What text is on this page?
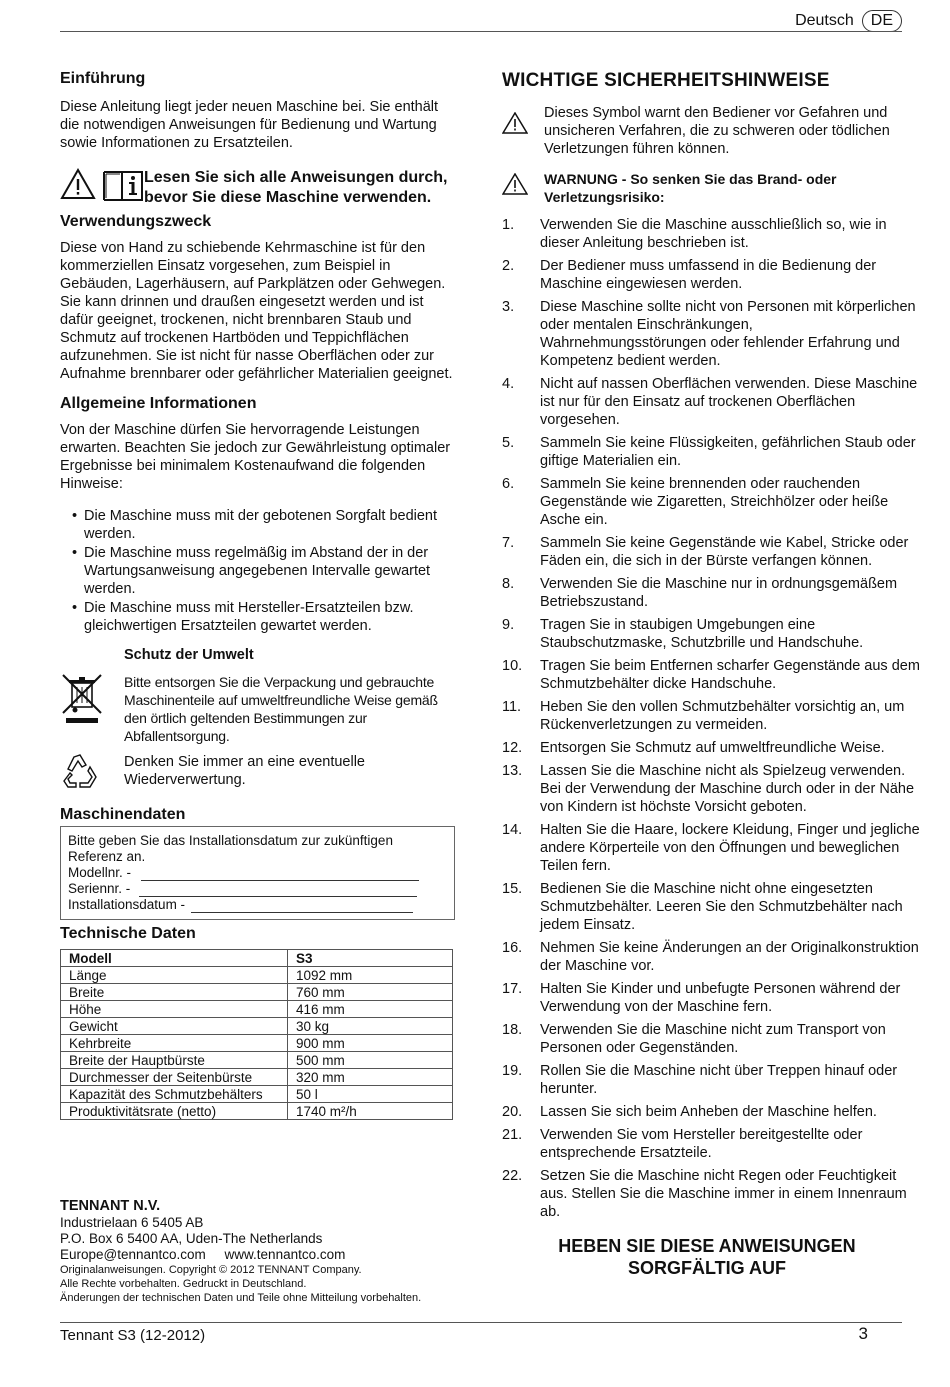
Deutsch	DE
Einführung

Diese Anleitung liegt jeder neuen Maschine bei. Sie enthält die notwendigen Anweisungen für Bedienung und Wartung sowie Informationen zu Ersatzteilen.

Lesen Sie sich alle Anweisungen durch, bevor Sie diese Maschine verwenden.
Verwendungszweck

Diese von Hand zu schiebende Kehrmaschine ist für den kommerziellen Einsatz vorgesehen, zum Beispiel in Gebäuden, Lagerhäusern, auf Parkplätzen oder Gehwegen. Sie kann drinnen und draußen eingesetzt werden und ist dafür geeignet, trockenen, nicht brennbaren Staub und Schmutz auf trockenen Hartböden und Teppichflächen aufzunehmen. Sie ist nicht für nasse Oberflächen oder zur Aufnahme brennbarer oder gefährlicher Materialien geeignet.

Allgemeine Informationen

Von der Maschine dürfen Sie hervorragende Leistungen erwarten. Beachten Sie jedoch zur Gewährleistung optimaler Ergebnisse bei minimalem Kostenaufwand die folgenden Hinweise:

• Die Maschine muss mit der gebotenen Sorgfalt bedient werden.
• Die Maschine muss regelmäßig im Abstand der in der Wartungsanweisung angegebenen Intervalle gewartet werden.
• Die Maschine muss mit Hersteller-Ersatzteilen bzw. gleichwertigen Ersatzteilen gewartet werden.
Schutz der Umwelt

Bitte entsorgen Sie die Verpackung und gebrauchte Maschinenteile auf umweltfreundliche Weise gemäß den örtlich geltenden Bestimmungen zur Abfallentsorgung.

Denken Sie immer an eine eventuelle Wiederverwertung.

Maschinendaten
Bitte geben Sie das Installationsdatum zur zukünftigen Referenz an.
Modellnr. -
Seriennr. -
Installationsdatum -
Technische Daten
Modell	S3
Länge	1092 mm
Breite	760 mm
Höhe	416 mm
Gewicht	30 kg
Kehrbreite	900 mm
Breite der Hauptbürste	500 mm
Durchmesser der Seitenbürste	320 mm
Kapazität des Schmutzbehälters	50 l
Produktivitätsrate (netto)	1740 m²/h
TENNANT N.V.
Industrielaan 6 5405 AB
P.O. Box 6 5400 AA, Uden-The Netherlands
Europe@tennantco.com     www.tennantco.com
Originalanweisungen. Copyright © 2012 TENNANT Company.
Alle Rechte vorbehalten. Gedruckt in Deutschland.
Änderungen der technischen Daten und Teile ohne Mitteilung vorbehalten.
WICHTIGE SICHERHEITSHINWEISE
Dieses Symbol warnt den Bediener vor Gefahren und unsicheren Verfahren, die zu schweren oder tödlichen Verletzungen führen können.
WARNUNG - So senken Sie das Brand- oder Verletzungsrisiko:
1.	Verwenden Sie die Maschine ausschließlich so, wie in dieser Anleitung beschrieben ist.
2.	Der Bediener muss umfassend in die Bedienung der Maschine eingewiesen werden.
3.	Diese Maschine sollte nicht von Personen mit körperlichen oder mentalen Einschränkungen, Wahrnehmungsstörungen oder fehlender Erfahrung und Kompetenz bedient werden.
4.	Nicht auf nassen Oberflächen verwenden. Diese Maschine ist nur für den Einsatz auf trockenen Oberflächen vorgesehen.
5.	Sammeln Sie keine Flüssigkeiten, gefährlichen Staub oder giftige Materialien ein.
6.	Sammeln Sie keine brennenden oder rauchenden Gegenstände wie Zigaretten, Streichhölzer oder heiße Asche ein.
7.	Sammeln Sie keine Gegenstände wie Kabel, Stricke oder Fäden ein, die sich in der Bürste verfangen können.
8.	Verwenden Sie die Maschine nur in ordnungsgemäßem Betriebszustand.
9.	Tragen Sie in staubigen Umgebungen eine Staubschutzmaske, Schutzbrille und Handschuhe.
10.	Tragen Sie beim Entfernen scharfer Gegenstände aus dem Schmutzbehälter dicke Handschuhe.
11.	Heben Sie den vollen Schmutzbehälter vorsichtig an, um Rückenverletzungen zu vermeiden.
12.	Entsorgen Sie Schmutz auf umweltfreundliche Weise.
13.	Lassen Sie die Maschine nicht als Spielzeug verwenden. Bei der Verwendung der Maschine durch oder in der Nähe von Kindern ist höchste Vorsicht geboten.
14.	Halten Sie die Haare, lockere Kleidung, Finger und jegliche andere Körperteile von den Öffnungen und beweglichen Teilen fern.
15.	Bedienen Sie die Maschine nicht ohne eingesetzten Schmutzbehälter. Leeren Sie den Schmutzbehälter nach jedem Einsatz.
16.	Nehmen Sie keine Änderungen an der Originalkonstruktion der Maschine vor.
17.	Halten Sie Kinder und unbefugte Personen während der Verwendung von der Maschine fern.
18.	Verwenden Sie die Maschine nicht zum Transport von Personen oder Gegenständen.
19.	Rollen Sie die Maschine nicht über Treppen hinauf oder herunter.
20.	Lassen Sie sich beim Anheben der Maschine helfen.
21.	Verwenden Sie vom Hersteller bereitgestellte oder entsprechende Ersatzteile.
22.	Setzen Sie die Maschine nicht Regen oder Feuchtigkeit aus. Stellen Sie die Maschine immer in einem Innenraum ab.
HEBEN SIE DIESE ANWEISUNGEN
SORGFÄLTIG AUF
Tennant S3 (12-2012)	3
